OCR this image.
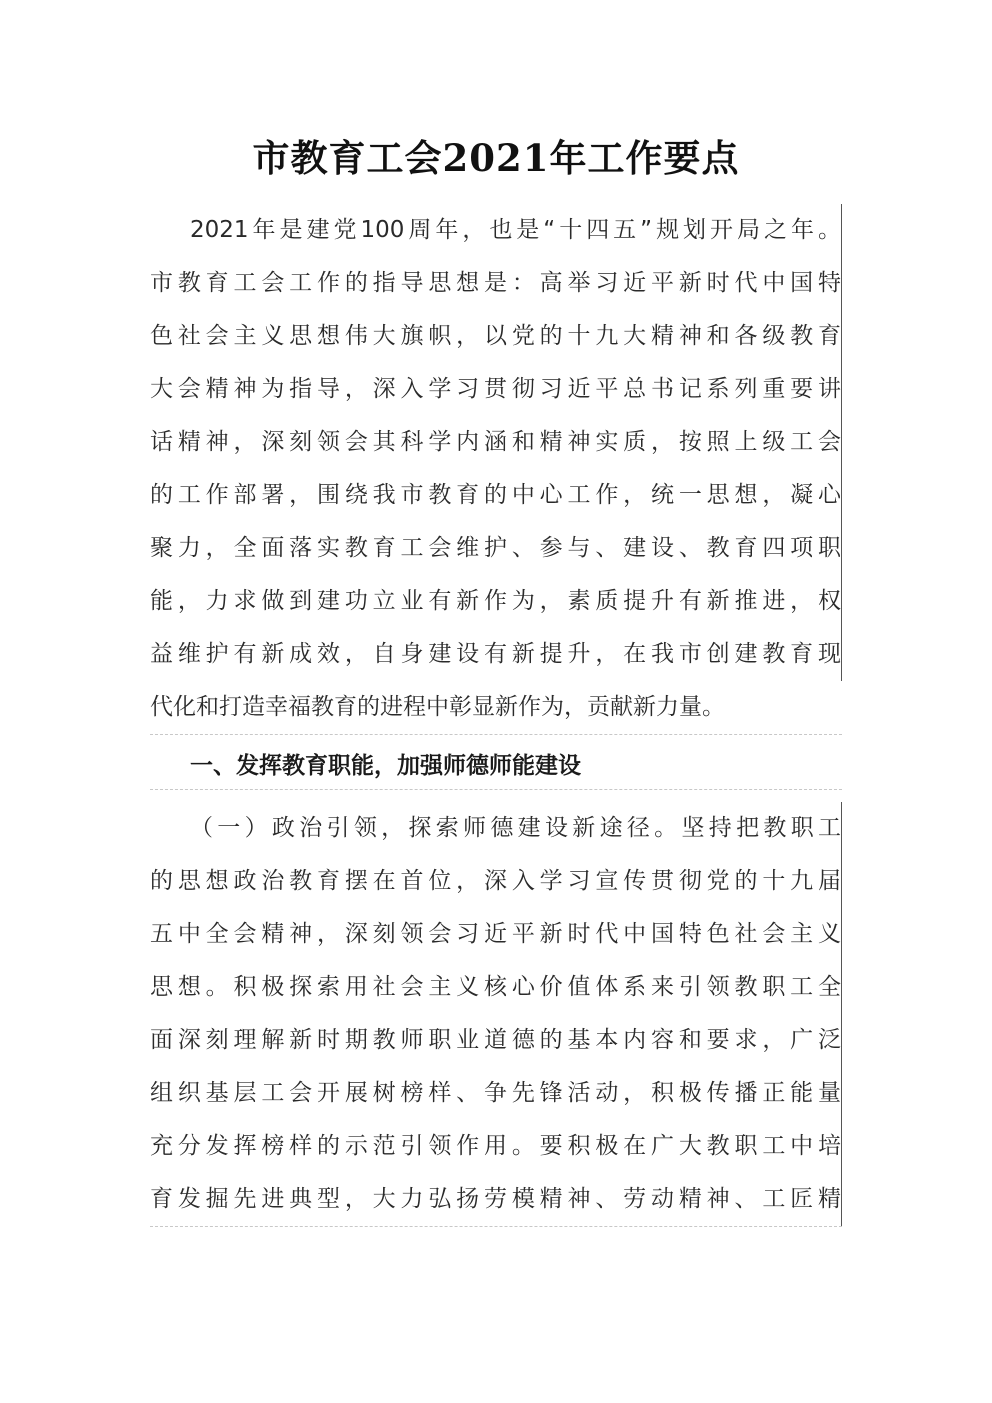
市教育工会2021年工作要点
2021年是建党100周年，也是“十四五”规划开局之年。
市教育工会工作的指导思想是：高举习近平新时代中国特
色社会主义思想伟大旗帜，以党的十九大精神和各级教育
大会精神为指导，深入学习贯彻习近平总书记系列重要讲
话精神，深刻领会其科学内涵和精神实质，按照上级工会
的工作部署，围绕我市教育的中心工作，统一思想，凝心
聚力，全面落实教育工会维护、参与、建设、教育四项职
能，力求做到建功立业有新作为，素质提升有新推进，权
益维护有新成效，自身建设有新提升，在我市创建教育现
代化和打造幸福教育的进程中彰显新作为，贡献新力量。
一、发挥教育职能，加强师德师能建设
（一）政治引领，探索师德建设新途径。坚持把教职工
的思想政治教育摆在首位，深入学习宣传贯彻党的十九届
五中全会精神，深刻领会习近平新时代中国特色社会主义
思想。积极探索用社会主义核心价值体系来引领教职工全
面深刻理解新时期教师职业道德的基本内容和要求，广泛
组织基层工会开展树榜样、争先锋活动，积极传播正能量
充分发挥榜样的示范引领作用。要积极在广大教职工中培
育发掘先进典型，大力弘扬劳模精神、劳动精神、工匠精
